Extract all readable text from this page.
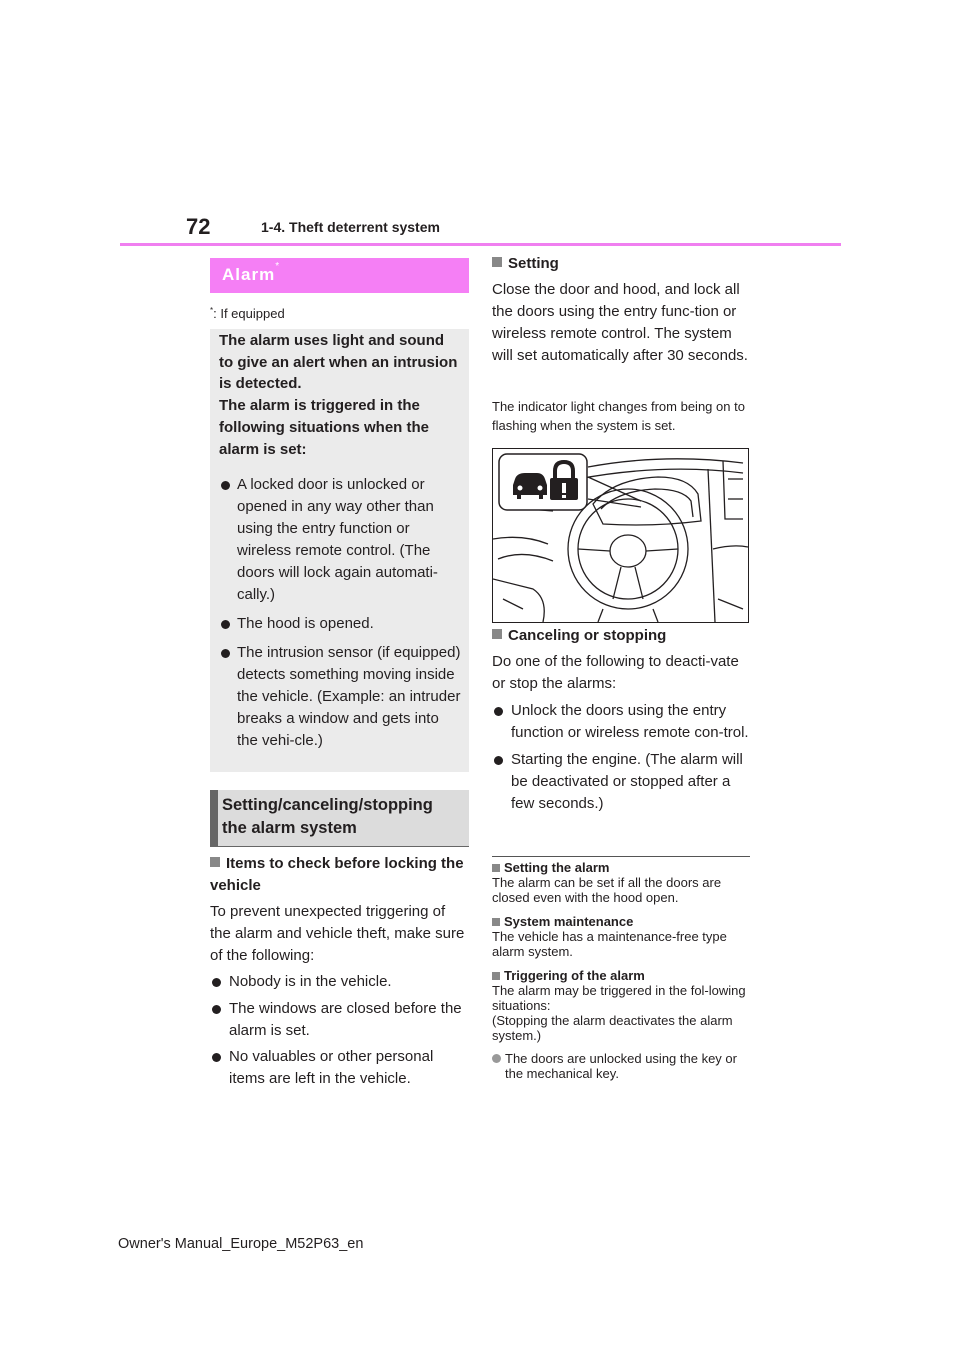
72	1-4. Theft deterrent system
Alarm*
*: If equipped

The alarm uses light and sound to give an alert when an intrusion is detected.
The alarm is triggered in the following situations when the alarm is set:

A locked door is unlocked or opened in any way other than using the entry function or wireless remote control. (The doors will lock again automati-cally.)
The hood is opened.
The intrusion sensor (if equipped) detects something moving inside the vehicle. (Example: an intruder breaks a window and gets into the vehi-cle.)
Setting/canceling/stopping the alarm system
Items to check before locking the vehicle
To prevent unexpected triggering of the alarm and vehicle theft, make sure of the following:
Nobody is in the vehicle.
The windows are closed before the alarm is set.
No valuables or other personal items are left in the vehicle.
Setting
Close the door and hood, and lock all the doors using the entry func-tion or wireless remote control. The system will set automatically after 30 seconds.
The indicator light changes from being on to flashing when the system is set.
Canceling or stopping
Do one of the following to deacti-vate or stop the alarms:
Unlock the doors using the entry function or wireless remote con-trol.
Starting the engine. (The alarm will be deactivated or stopped after a few seconds.)

Setting the alarm

The alarm can be set if all the doors are closed even with the hood open.

System maintenance

The vehicle has a maintenance-free type alarm system.

Triggering of the alarm

The alarm may be triggered in the fol-lowing situations:

(Stopping the alarm deactivates the alarm system.)

The doors are unlocked using the key or the mechanical key.

Owner's Manual_Europe_M52P63_en
